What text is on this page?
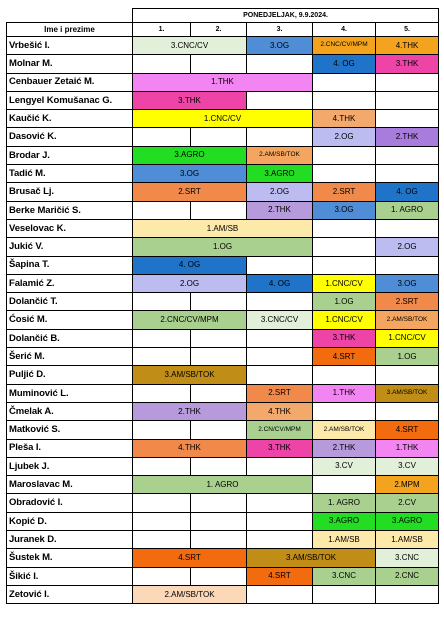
	PONEDJELJAK, 9.9.2024.				
Ime i prezime	1.	2.	3.	4.	5.
Vrbešić I.	3.CNC/CV		3.OG	2.CNC/CV/MPM	4.THK
Molnar M.				4. OG	3.THK
Cenbauer Zetaić M.	1.THK				
Lengyel Komušanac G.	3.THK				
Kaučić K.	1.CNC/CV			4.THK	
Dasović K.				2.OG	2.THK
Brodar J.	3.AGRO		2.AM/SB/TOK		
Tadić M.	3.OG		3.AGRO		
Brusač Lj.	2.SRT		2.OG	2.SRT	4. OG
Berke Maričić S.			2.THK	3.OG	1. AGRO
Veselovac K.	1.AM/SB				
Jukić V.	1.OG				2.OG
Šapina T.	4. OG				
Falamić Z.	2.OG		4. OG	1.CNC/CV	3.OG
Dolančić T.				1.OG	2.SRT
Ćosić M.	2.CNC/CV/MPM		3.CNC/CV	1.CNC/CV	2.AM/SB/TOK
Dolančić B.				3.THK	1.CNC/CV
Šerić M.				4.SRT	1.OG
Puljić D.	3.AM/SB/TOK				
Muminović L.			2.SRT	1.THK	3.AM/SB/TOK
Čmelak A.	2.THK		4.THK		
Matković S.			2.CN/CV/MPM	2.AM/SB/TOK	4.SRT
Pleša I.	4.THK		3.THK	2.THK	1.THK
Ljubek J.				3.CV	3.CV
Maroslavac M.	1. AGRO				2.MPM
Obradović I.				1. AGRO	2.CV
Kopić D.				3.AGRO	3.AGRO
Juranek D.				1.AM/SB	1.AM/SB
Šustek M.	4.SRT		3.AM/SB/TOK		3.CNC
Šikić I.			4.SRT	3.CNC	2.CNC
Zetović I.	2.AM/SB/TOK				
